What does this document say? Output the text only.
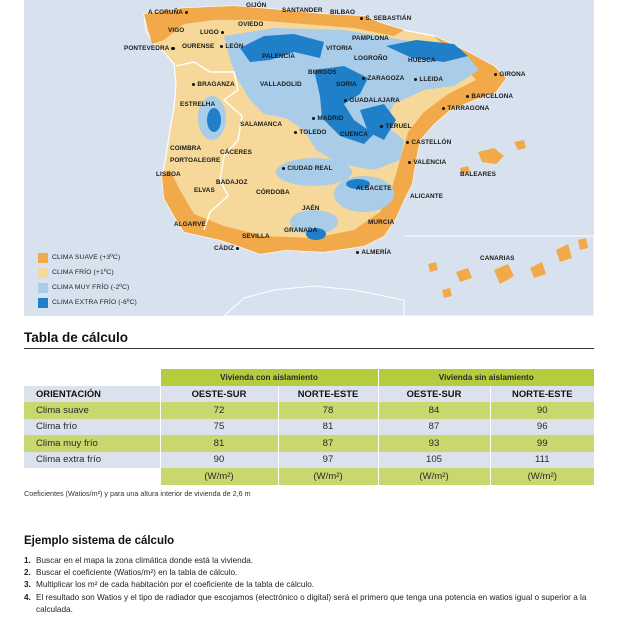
A CORUÑA
GIJÓN
SANTANDER BILBAO
S. SEBASTIÁN
VIGO LUGO
OVIEDO
PAMPLONA
PONTEVEDRA	OURENSE	LEÓN	VITORIA
PALENCIA	LOGROÑO	HUESCA
GIRONA
BURGOS
ZARAGOZA	LLEIDA
BRAGANZA	VALLADOLID	SORIA
BARCELONA
GUADALAJARA
TARRAGONA
ESTRELHA
MADRID
SALAMANCA	TERUEL
TOLEDO CUENCA
CASTELLÓN
COIMBRA
CÁCERES
PORTOALEGRE	VALENCIA
CIUDAD REAL
BALEARES
LISBOA
BADAJOZ
ELVAS	CÓRDOBA
ALBACETE
ALICANTE
JAÉN
MURCIA
ALGARVE
GRANADA
SEVILLA
CÁDIZ
ALMERÍA
CANARIAS
CLIMA SUAVE (+3ºC)
CLIMA FRÍO (+1ºC)
CLIMA MUY FRÍO (-2ºC)
CLIMA EXTRA FRÍO (-6ºC)
Tabla de cálculo
	Vivienda con aislamiento		Vivienda sin aislamiento	
ORIENTACIÓN	OESTE-SUR	NORTE-ESTE	OESTE-SUR	NORTE-ESTE
Clima suave	72	78	84	90
Clima frío	75	81	87	96
Clima muy frío	81	87	93	99
Clima extra frío	90	97	105	111
	(W/m²)	(W/m²)	(W/m²)	(W/m²)
Coeficientes (Watios/m²) y para una altura interior de vivienda de 2,6 m
Ejemplo sistema de cálculo
1. Buscar en el mapa la zona climática donde está la vivienda.
2. Buscar el coeficiente (Watios/m²) en la tabla de cálculo.
3. Multiplicar los m² de cada habitación por el coeficiente de la tabla de cálculo.
4. El resultado son Watios y el tipo de radiador que escojamos (electrónico o digital) será el primero que tenga una potencia en watios igual o superior a la calculada.
